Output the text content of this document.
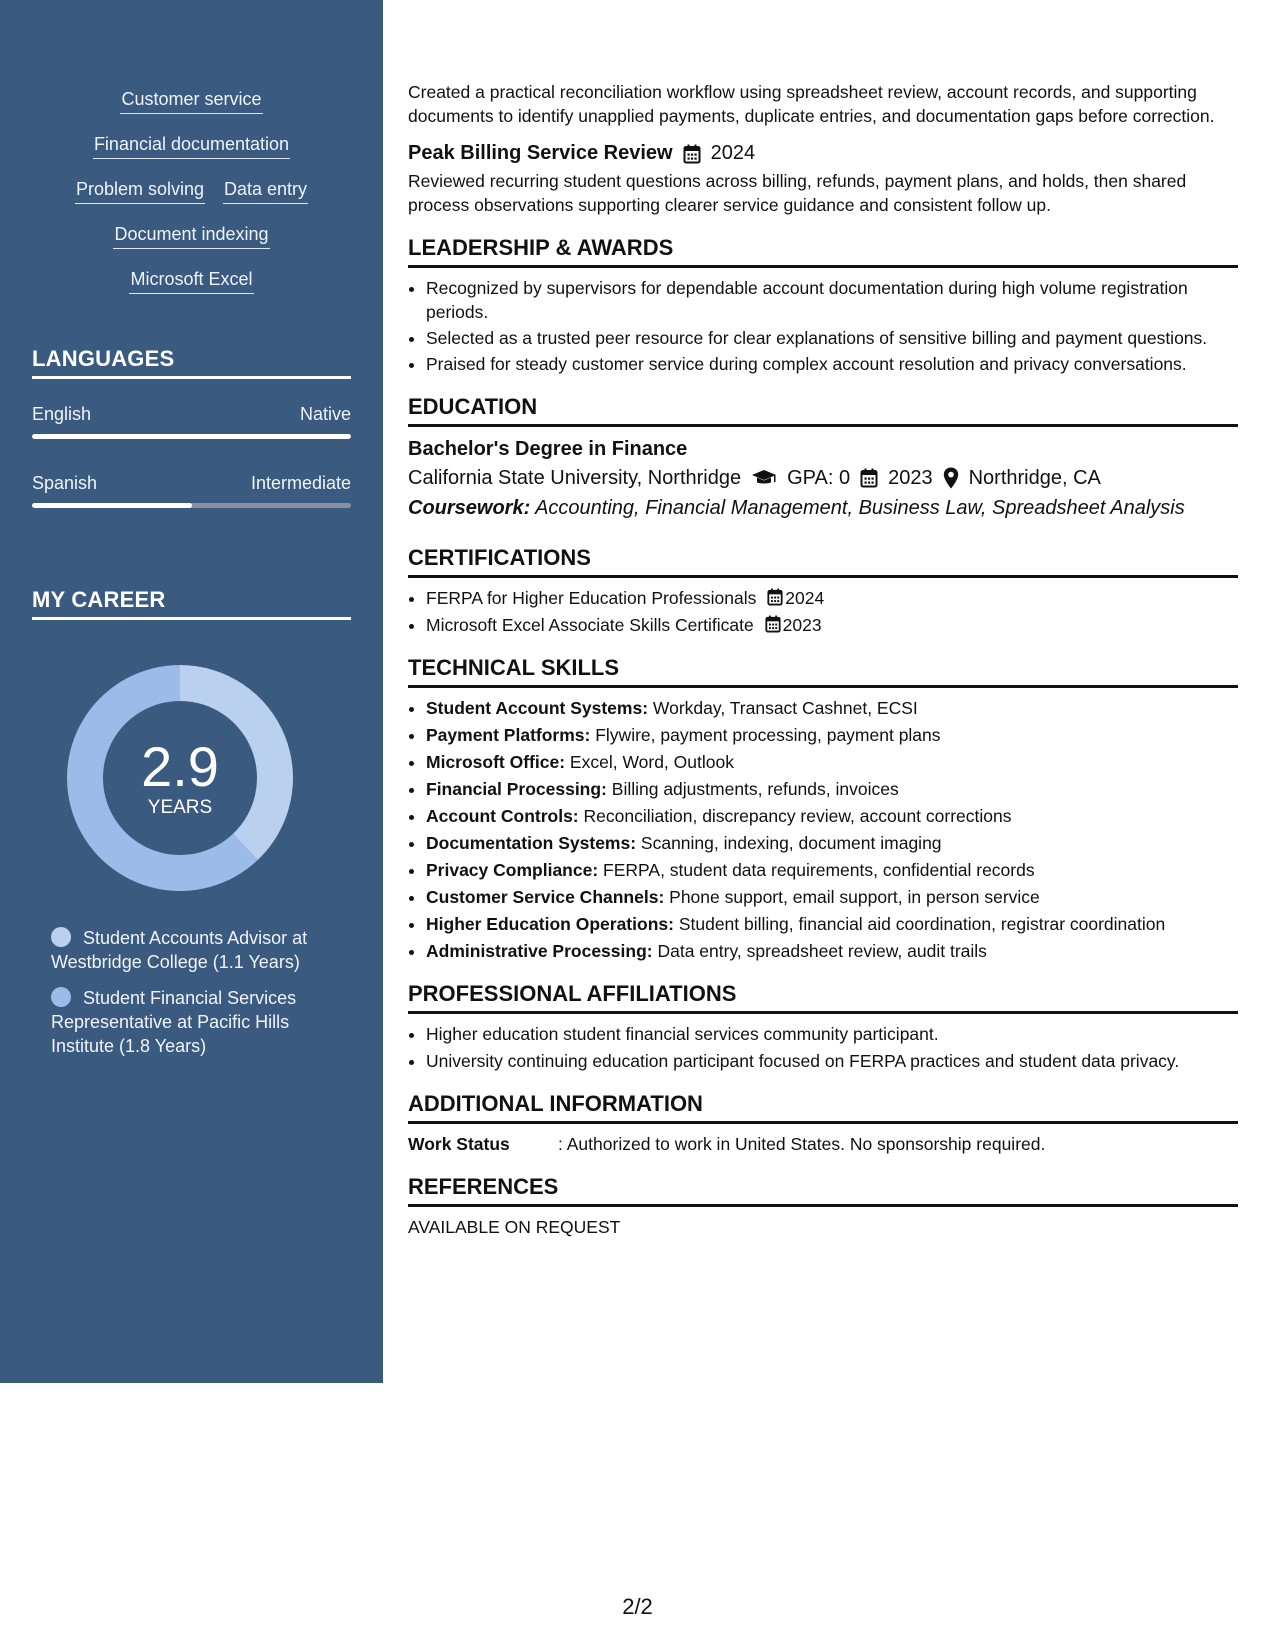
Customer service
Financial documentation
Problem solving Data entry
Document indexing
Microsoft Excel
LANGUAGES
English	Native
Spanish	Intermediate
MY CAREER
2.9
YEARS
Student Accounts Advisor at Westbridge College (1.1 Years)
Student Financial Services Representative at Pacific Hills Institute (1.8 Years)

Created a practical reconciliation workflow using spreadsheet review, account records, and supporting documents to identify unapplied payments, duplicate entries, and documentation gaps before correction.

Peak Billing Service Review 2024

Reviewed recurring student questions across billing, refunds, payment plans, and holds, then shared process observations supporting clearer service guidance and consistent follow up.

LEADERSHIP & AWARDS
• Recognized by supervisors for dependable account documentation during high volume registration periods.
• Selected as a trusted peer resource for clear explanations of sensitive billing and payment questions.
• Praised for steady customer service during complex account resolution and privacy conversations.
EDUCATION
Bachelor's Degree in Finance
California State University, Northridge GPA: 0 2023 Northridge, CA
Coursework: Accounting, Financial Management, Business Law, Spreadsheet Analysis
CERTIFICATIONS
• FERPA for Higher Education Professionals 2024
• Microsoft Excel Associate Skills Certificate 2023
TECHNICAL SKILLS
• Student Account Systems: Workday, Transact Cashnet, ECSI
• Payment Platforms: Flywire, payment processing, payment plans
• Microsoft Office: Excel, Word, Outlook
• Financial Processing: Billing adjustments, refunds, invoices
• Account Controls: Reconciliation, discrepancy review, account corrections
• Documentation Systems: Scanning, indexing, document imaging
• Privacy Compliance: FERPA, student data requirements, confidential records
• Customer Service Channels: Phone support, email support, in person service
• Higher Education Operations: Student billing, financial aid coordination, registrar coordination
• Administrative Processing: Data entry, spreadsheet review, audit trails
PROFESSIONAL AFFILIATIONS
• Higher education student financial services community participant.
• University continuing education participant focused on FERPA practices and student data privacy.
ADDITIONAL INFORMATION
Work Status	: Authorized to work in United States. No sponsorship required.
REFERENCES
AVAILABLE ON REQUEST
2/2
